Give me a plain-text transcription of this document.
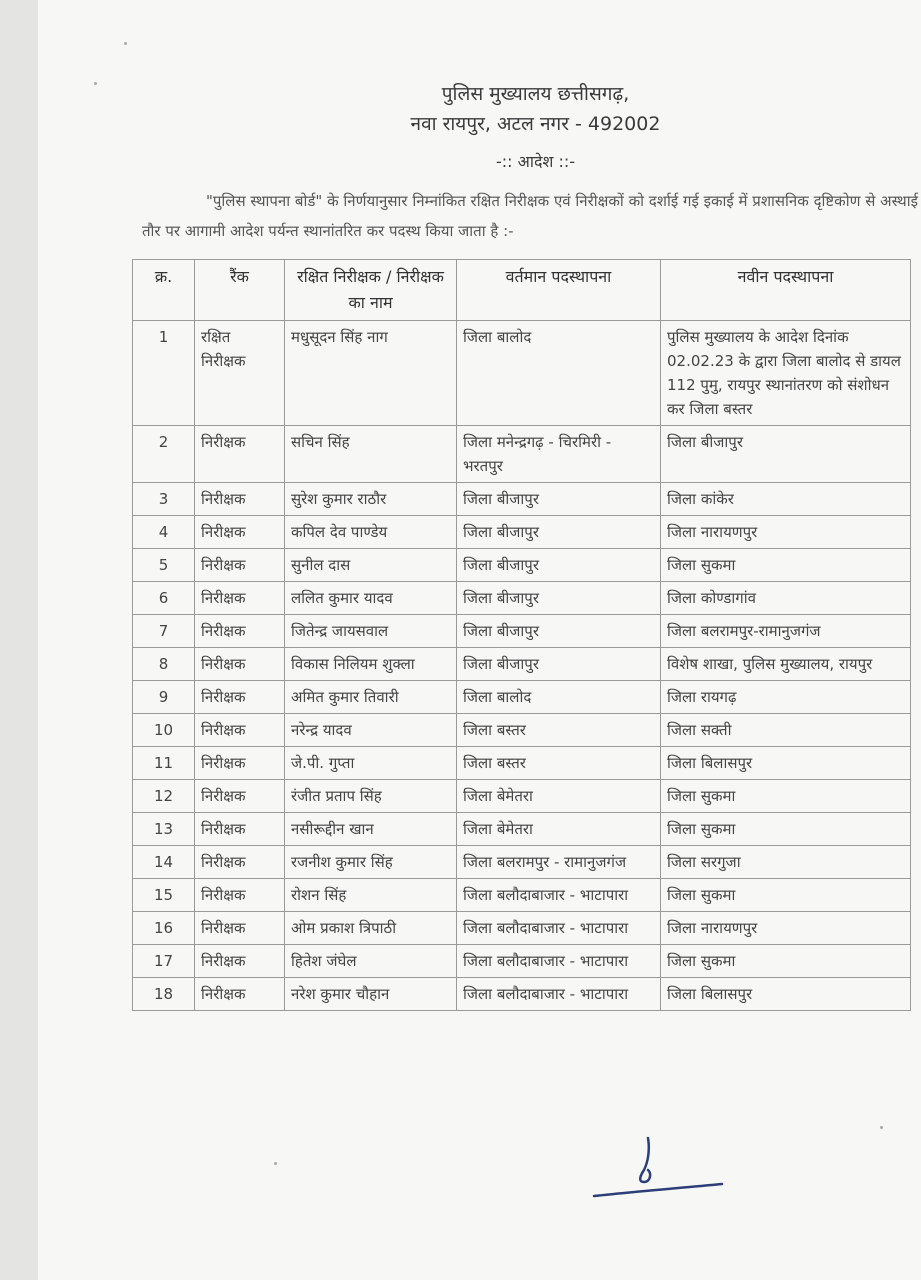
पुलिस मुख्यालय छत्तीसगढ़,
नवा रायपुर, अटल नगर - 492002
-:: आदेश ::-
"पुलिस स्थापना बोर्ड" के निर्णयानुसार निम्नांकित रक्षित निरीक्षक एवं निरीक्षकों को दर्शाई गई इकाई में प्रशासनिक दृष्टिकोण से अस्थाई तौर पर आगामी आदेश पर्यन्त स्थानांतरित कर पदस्थ किया जाता है :-
क्र.	रैंक	रक्षित निरीक्षक / निरीक्षक का नाम	वर्तमान पदस्थापना	नवीन पदस्थापना
1	रक्षित निरीक्षक	मधुसूदन सिंह नाग	जिला बालोद	पुलिस मुख्यालय के आदेश दिनांक 02.02.23 के द्वारा जिला बालोद से डायल 112 पुमु, रायपुर स्थानांतरण को संशोधन कर जिला बस्तर
2	निरीक्षक	सचिन सिंह	जिला मनेन्द्रगढ़ - चिरमिरी - भरतपुर	जिला बीजापुर
3	निरीक्षक	सुरेश कुमार राठौर	जिला बीजापुर	जिला कांकेर
4	निरीक्षक	कपिल देव पाण्डेय	जिला बीजापुर	जिला नारायणपुर
5	निरीक्षक	सुनील दास	जिला बीजापुर	जिला सुकमा
6	निरीक्षक	ललित कुमार यादव	जिला बीजापुर	जिला कोण्डागांव
7	निरीक्षक	जितेन्द्र जायसवाल	जिला बीजापुर	जिला बलरामपुर-रामानुजगंज
8	निरीक्षक	विकास निलियम शुक्ला	जिला बीजापुर	विशेष शाखा, पुलिस मुख्यालय, रायपुर
9	निरीक्षक	अमित कुमार तिवारी	जिला बालोद	जिला रायगढ़
10	निरीक्षक	नरेन्द्र यादव	जिला बस्तर	जिला सक्ती
11	निरीक्षक	जे.पी. गुप्ता	जिला बस्तर	जिला बिलासपुर
12	निरीक्षक	रंजीत प्रताप सिंह	जिला बेमेतरा	जिला सुकमा
13	निरीक्षक	नसीरूद्दीन खान	जिला बेमेतरा	जिला सुकमा
14	निरीक्षक	रजनीश कुमार सिंह	जिला बलरामपुर - रामानुजगंज	जिला सरगुजा
15	निरीक्षक	रोशन सिंह	जिला बलौदाबाजार - भाटापारा	जिला सुकमा
16	निरीक्षक	ओम प्रकाश त्रिपाठी	जिला बलौदाबाजार - भाटापारा	जिला नारायणपुर
17	निरीक्षक	हितेश जंघेल	जिला बलौदाबाजार - भाटापारा	जिला सुकमा
18	निरीक्षक	नरेश कुमार चौहान	जिला बलौदाबाजार - भाटापारा	जिला बिलासपुर
